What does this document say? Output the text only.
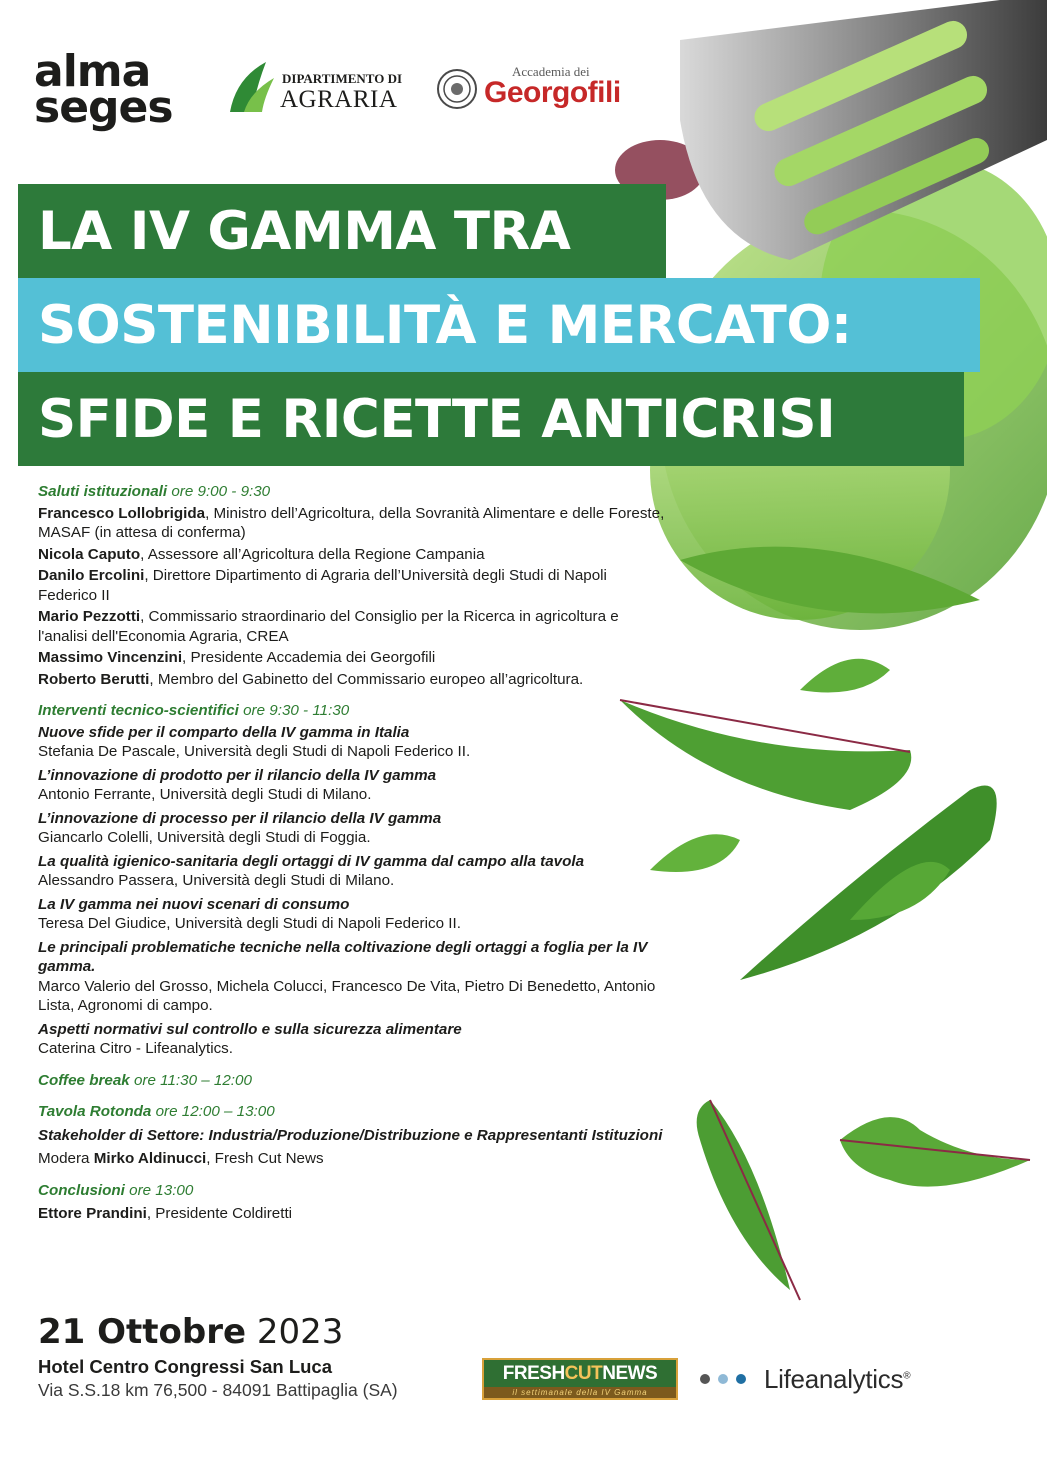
alma
seges
DIPARTIMENTO DI
AGRARIA
Accademia dei
Georgofili
LA IV GAMMA TRA
SOSTENIBILITÀ E MERCATO:
SFIDE E RICETTE ANTICRISI
Saluti istituzionali ore 9:00 - 9:30
Francesco Lollobrigida, Ministro dell’Agricoltura, della Sovranità Alimentare e delle Foreste, MASAF (in attesa di conferma)
Nicola Caputo, Assessore all’Agricoltura della Regione Campania
Danilo Ercolini, Direttore Dipartimento di Agraria dell’Università degli Studi di Napoli Federico II
Mario Pezzotti, Commissario straordinario del Consiglio per la Ricerca in agricoltura e l'analisi dell'Economia Agraria, CREA
Massimo Vincenzini, Presidente Accademia dei Georgofili
Roberto Berutti, Membro del Gabinetto del Commissario europeo all’agricoltura.
Interventi tecnico-scientifici ore 9:30 - 11:30
Nuove sfide per il comparto della IV gamma in Italia
Stefania De Pascale, Università degli Studi di Napoli Federico II.
L’innovazione di prodotto per il rilancio della IV gamma
Antonio Ferrante, Università degli Studi di Milano.
L’innovazione di processo per il rilancio della IV gamma
Giancarlo Colelli, Università degli Studi di Foggia.
La qualità igienico-sanitaria degli ortaggi di IV gamma dal campo alla tavola
Alessandro Passera, Università degli Studi di Milano.
La IV gamma nei nuovi scenari di consumo
Teresa Del Giudice, Università degli Studi di Napoli Federico II.
Le principali problematiche tecniche nella coltivazione degli ortaggi a foglia per la IV gamma.
Marco Valerio del Grosso, Michela Colucci, Francesco De Vita, Pietro Di Benedetto, Antonio Lista, Agronomi di campo.
Aspetti normativi sul controllo e sulla sicurezza alimentare
Caterina Citro - Lifeanalytics.
Coffee break ore 11:30 – 12:00
Tavola Rotonda ore 12:00 – 13:00
Stakeholder di Settore: Industria/Produzione/Distribuzione e Rappresentanti Istituzioni
Modera Mirko Aldinucci, Fresh Cut News
Conclusioni ore 13:00
Ettore Prandini, Presidente Coldiretti
21 Ottobre 2023
Hotel Centro Congressi San Luca
Via S.S.18 km 76,500 - 84091 Battipaglia (SA)
FRESH CUT NEWS
il settimanale della IV Gamma	Lifeanalytics®
